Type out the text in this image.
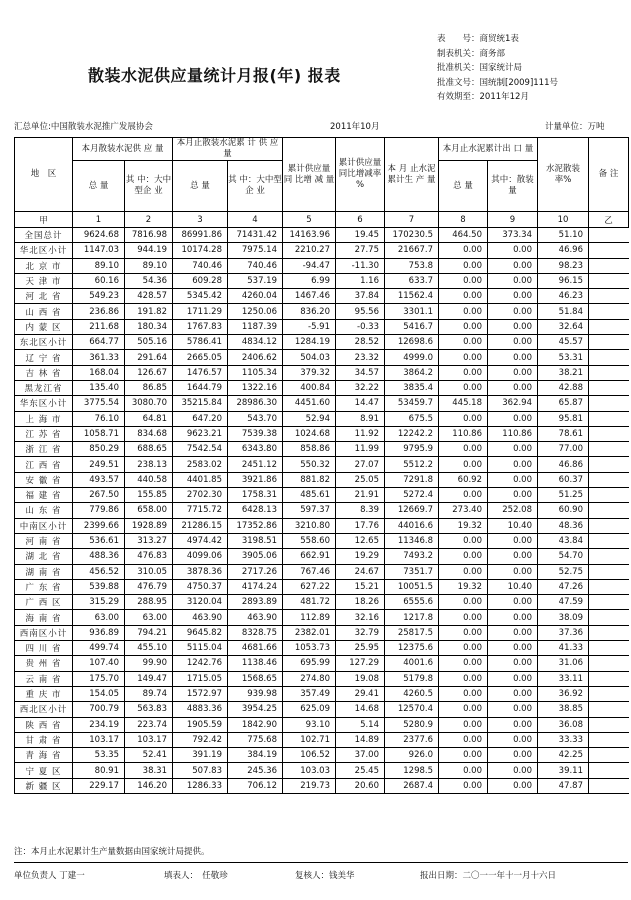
散装水泥供应量统计月报(年) 报表
表　　号：商贸统1表
制表机关：商务部
批准机关：国家统计局
批准文号：国统制[2009]111号
有效期至：2011年12月
汇总单位:中国散装水泥推广发展协会	2011年10月	计量单位：万吨
地　区	本月散装水泥供 应 量		本月止散装水泥累 计 供 应 量		累计供应量 同 比增 减 量	累计供应量同比增减率 %	本 月 止水泥累计生 产 量	本月止水泥累计出 口 量		水泥散装率%	备 注
	总 量	其 中：大中型企 业	总 量	其 中：大中型企 业				总 量	其中：散装量		
甲	1	2	3	4	5	6	7	8	9	10	乙
全国总计	9624.68	7816.98	86991.86	71431.42	14163.96	19.45	170230.5	464.50	373.34	51.10	
华北区小计	1147.03	944.19	10174.28	7975.14	2210.27	27.75	21667.7	0.00	0.00	46.96	
北 京 市	89.10	89.10	740.46	740.46	-94.47	-11.30	753.8	0.00	0.00	98.23	
天 津 市	60.16	54.36	609.28	537.19	6.99	1.16	633.7	0.00	0.00	96.15	
河 北 省	549.23	428.57	5345.42	4260.04	1467.46	37.84	11562.4	0.00	0.00	46.23	
山 西 省	236.86	191.82	1711.29	1250.06	836.20	95.56	3301.1	0.00	0.00	51.84	
内 蒙 区	211.68	180.34	1767.83	1187.39	-5.91	-0.33	5416.7	0.00	0.00	32.64	
东北区小计	664.77	505.16	5786.41	4834.12	1284.19	28.52	12698.6	0.00	0.00	45.57	
辽 宁 省	361.33	291.64	2665.05	2406.62	504.03	23.32	4999.0	0.00	0.00	53.31	
吉 林 省	168.04	126.67	1476.57	1105.34	379.32	34.57	3864.2	0.00	0.00	38.21	
黑龙江省	135.40	86.85	1644.79	1322.16	400.84	32.22	3835.4	0.00	0.00	42.88	
华东区小计	3775.54	3080.70	35215.84	28986.30	4451.60	14.47	53459.7	445.18	362.94	65.87	
上 海 市	76.10	64.81	647.20	543.70	52.94	8.91	675.5	0.00	0.00	95.81	
江 苏 省	1058.71	834.68	9623.21	7539.38	1024.68	11.92	12242.2	110.86	110.86	78.61	
浙 江 省	850.29	688.65	7542.54	6343.80	858.86	11.99	9795.9	0.00	0.00	77.00	
江 西 省	249.51	238.13	2583.02	2451.12	550.32	27.07	5512.2	0.00	0.00	46.86	
安 徽 省	493.57	440.58	4401.85	3921.86	881.82	25.05	7291.8	60.92	0.00	60.37	
福 建 省	267.50	155.85	2702.30	1758.31	485.61	21.91	5272.4	0.00	0.00	51.25	
山 东 省	779.86	658.00	7715.72	6428.13	597.37	8.39	12669.7	273.40	252.08	60.90	
中南区小计	2399.66	1928.89	21286.15	17352.86	3210.80	17.76	44016.6	19.32	10.40	48.36	
河 南 省	536.61	313.27	4974.42	3198.51	558.60	12.65	11346.8	0.00	0.00	43.84	
湖 北 省	488.36	476.83	4099.06	3905.06	662.91	19.29	7493.2	0.00	0.00	54.70	
湖 南 省	456.52	310.05	3878.36	2717.26	767.46	24.67	7351.7	0.00	0.00	52.75	
广 东 省	539.88	476.79	4750.37	4174.24	627.22	15.21	10051.5	19.32	10.40	47.26	
广 西 区	315.29	288.95	3120.04	2893.89	481.72	18.26	6555.6	0.00	0.00	47.59	
海 南 省	63.00	63.00	463.90	463.90	112.89	32.16	1217.8	0.00	0.00	38.09	
西南区小计	936.89	794.21	9645.82	8328.75	2382.01	32.79	25817.5	0.00	0.00	37.36	
四 川 省	499.74	455.10	5115.04	4681.66	1053.73	25.95	12375.6	0.00	0.00	41.33	
贵 州 省	107.40	99.90	1242.76	1138.46	695.99	127.29	4001.6	0.00	0.00	31.06	
云 南 省	175.70	149.47	1715.05	1568.65	274.80	19.08	5179.8	0.00	0.00	33.11	
重 庆 市	154.05	89.74	1572.97	939.98	357.49	29.41	4260.5	0.00	0.00	36.92	
西北区小计	700.79	563.83	4883.36	3954.25	625.09	14.68	12570.4	0.00	0.00	38.85	
陕 西 省	234.19	223.74	1905.59	1842.90	93.10	5.14	5280.9	0.00	0.00	36.08	
甘 肃 省	103.17	103.17	792.42	775.68	102.71	14.89	2377.6	0.00	0.00	33.33	
青 海 省	53.35	52.41	391.19	384.19	106.52	37.00	926.0	0.00	0.00	42.25	
宁 夏 区	80.91	38.31	507.83	245.36	103.03	25.45	1298.5	0.00	0.00	39.11	
新 疆 区	229.17	146.20	1286.33	706.12	219.73	20.60	2687.4	0.00	0.00	47.87	
注：本月止水泥累计生产量数据由国家统计局提供。
单位负责人 丁建一	填表人：　任敬珍	复核人：钱美华	报出日期：二〇一一年十一月十六日
